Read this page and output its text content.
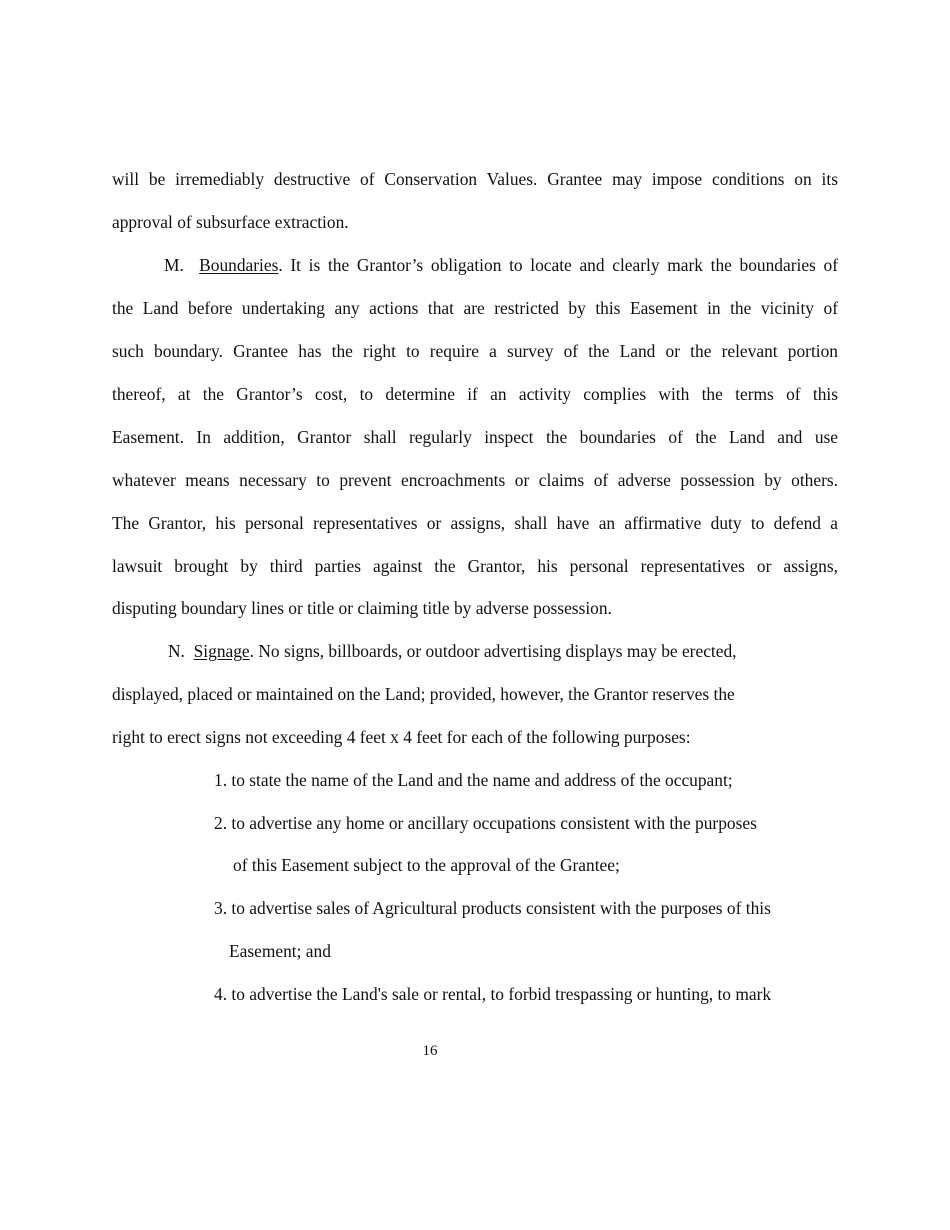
will be irremediably destructive of Conservation Values. Grantee may impose conditions on its
approval of subsurface extraction.
M. Boundaries. It is the Grantor’s obligation to locate and clearly mark the boundaries of
the Land before undertaking any actions that are restricted by this Easement in the vicinity of
such boundary. Grantee has the right to require a survey of the Land or the relevant portion
thereof, at the Grantor’s cost, to determine if an activity complies with the terms of this
Easement. In addition, Grantor shall regularly inspect the boundaries of the Land and use
whatever means necessary to prevent encroachments or claims of adverse possession by others.
The Grantor, his personal representatives or assigns, shall have an affirmative duty to defend a
lawsuit brought by third parties against the Grantor, his personal representatives or assigns,
disputing boundary lines or title or claiming title by adverse possession.
N. Signage. No signs, billboards, or outdoor advertising displays may be erected,
displayed, placed or maintained on the Land; provided, however, the Grantor reserves the
right to erect signs not exceeding 4 feet x 4 feet for each of the following purposes:
1. to state the name of the Land and the name and address of the occupant;
2. to advertise any home or ancillary occupations consistent with the purposes
of this Easement subject to the approval of the Grantee;
3. to advertise sales of Agricultural products consistent with the purposes of this
Easement; and
4. to advertise the Land's sale or rental, to forbid trespassing or hunting, to mark
16
